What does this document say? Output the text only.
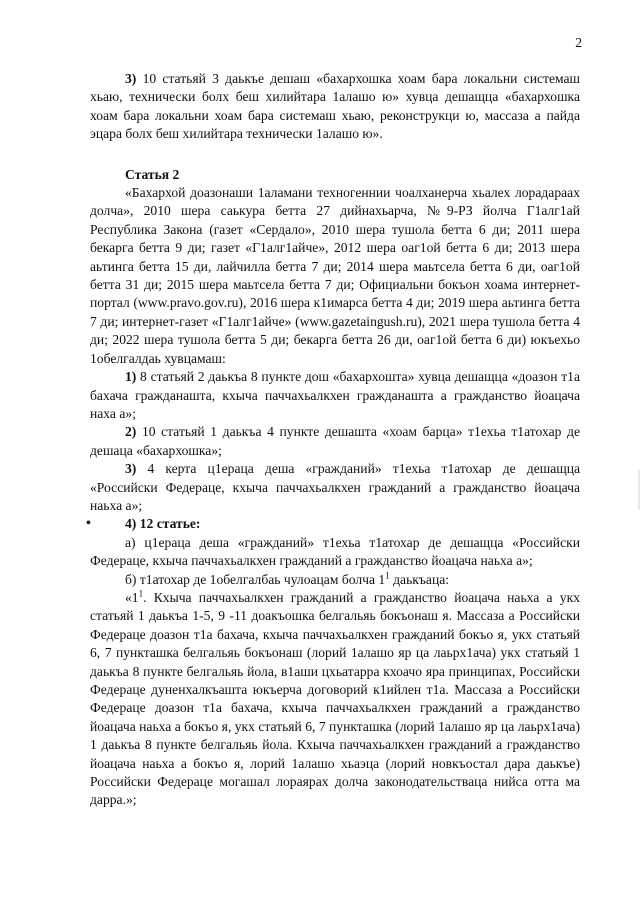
2

3) 10 статьяй 3 даькъе дешаш «бахархошка хоам бара локальни системаш хьаю, технически болх беш хилийтара 1алашо ю» хувца дешащца «бахархошка хоам бара локальни хоам бара системаш хьаю, реконструкци ю, массаза а пайда эцара болх беш хилийтара технически 1алашо ю».

Статья 2

«Бахархой доазонаши 1аламани техногеннии чоалханерча хьалех лорадараах долча», 2010 шера саькура бетта 27 дийнахьарча, №9-РЗ йолча Г1алг1ай Республика Закона (газет «Сердало», 2010 шера тушола бетта 6 ди; 2011 шера бекарга бетта 9 ди; газет «Г1алг1айче», 2012 шера оаг1ой бетта 6 ди; 2013 шера аьтинга бетта 15 ди, лайчилла бетта 7 ди; 2014 шера маьтсела бетта 6 ди, оаг1ой бетта 31 ди; 2015 шера маьтсела бетта 7 ди; Официальни бокъон хоама интернет-портал (www.pravo.gov.ru), 2016 шера к1имарса бетта 4 ди; 2019 шера аьтинга бетта 7 ди; интернет-газет «Г1алг1айче» (www.gazetaingush.ru), 2021 шера тушола бетта 4 ди; 2022 шера тушола бетта 5 ди; бекарга бетта 26 ди, оаг1ой бетта 6 ди) юкъехьо 1обелгалдаь хувцамаш:

1) 8 статьяй 2 даькъа 8 пункте дош «бахархошта» хувца дешащца «доазон т1а бахача гражданашта, кхыча паччахьалкхен гражданашта а гражданство йоацача наха а»;

2) 10 статьяй 1 даькъа 4 пункте дешашта «хоам барца» т1ехьа т1атохар де дешаца «бахархошка»;

3) 4 керта ц1ераца деша «гражданий» т1ехьа т1атохар де дешащца «Российски Федераце, кхыча паччахьалкхен гражданий а гражданство йоацача наьха а»;

4) 12 статье:

а) ц1ераца деша «гражданий» т1ехьа т1атохар де дешащца «Российски Федераце, кхыча паччахьалкхен гражданий а гражданство йоацача наьха а»;

б) т1атохар де 1обелгалбаь чулоацам болча $1^1$ даькъаца:

«$1^1$. Кхыча паччахьалкхен гражданий а гражданство йоацача наьха а укх статьяй 1 даькъа 1-5, 9 -11 доакъошка белгальяь бокъонаш я. Массаза а Российски Федераце доазон т1а бахача, кхыча паччахьалкхен гражданий бокъо я, укх статьяй 6, 7 пункташка белгальяь бокъонаш (лорий 1алашо яр ца лаьрх1ача) укх статьяй 1 даькъа 8 пункте белгальяь йола, в1аши цхьатарра кхоачо яра принципах, Российски Федераце дуненхалкъашта юкъерча договорий к1ийлен т1а. Массаза а Российски Федераце доазон т1а бахача, кхыча паччахьалкхен гражданий а гражданство йоацача наьха а бокъо я, укх статьяй 6, 7 пункташка (лорий 1алашо яр ца лаьрх1ача) 1 даькъа 8 пункте белгальяь йола. Кхыча паччахьалкхен гражданий а гражданство йоацача наьха а бокъо я, лорий 1алашо хьаэца (лорий новкъостал дара даькъе) Российски Федераце могашал лораярах долча законодательствацa нийса отта ма дарра.»;

•
